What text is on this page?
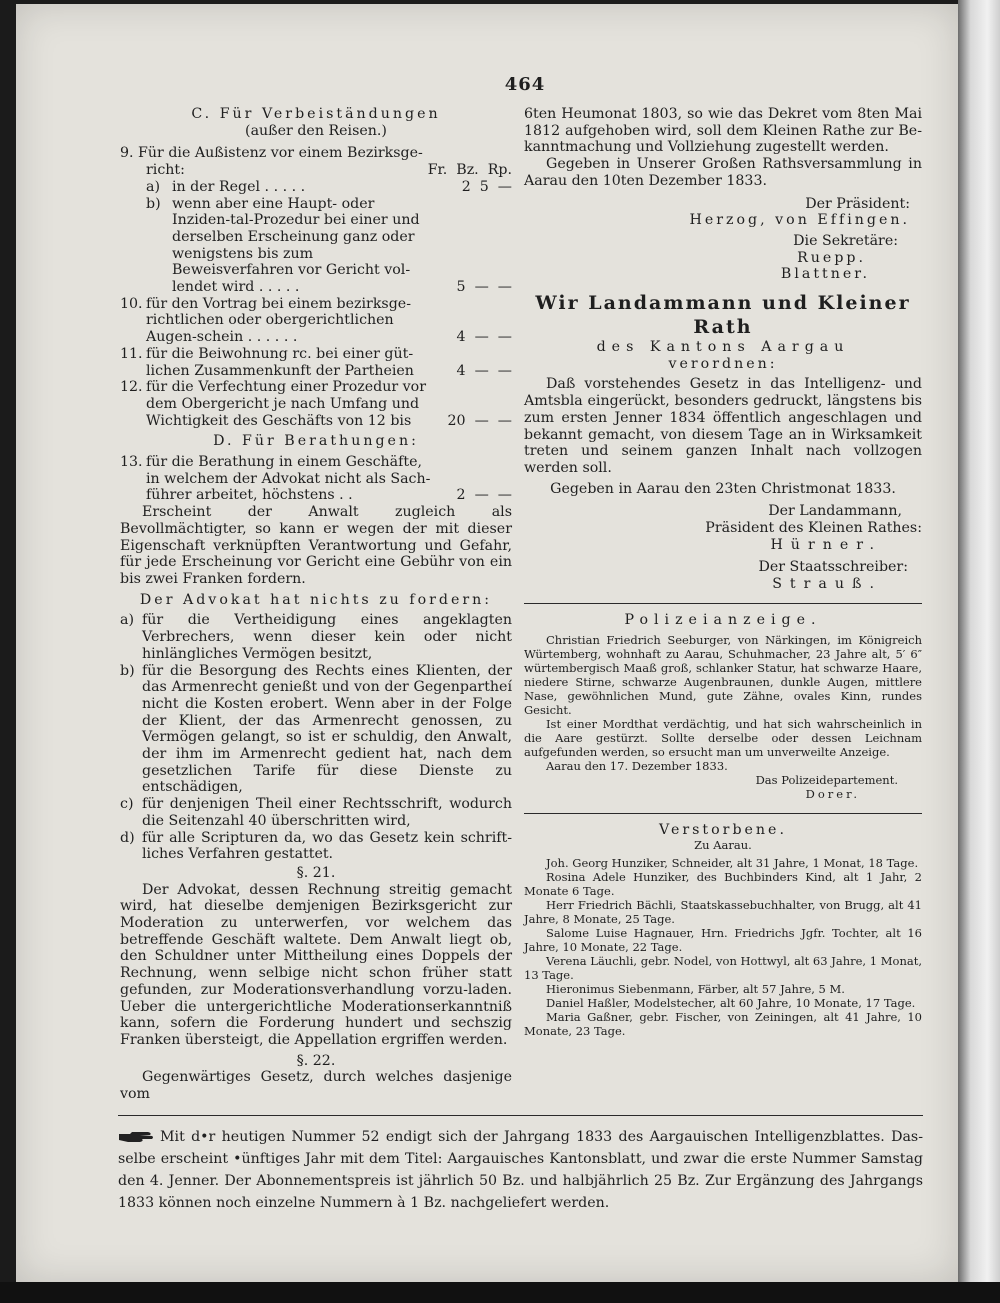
464

C. Für Verbeiständungen

(außer den Reisen.)

9. Für die Außistenz vor einem Bezirksge-

richt:	Fr.  Bz.  Rp.
a) in der Regel . . . . .	2  5  —
b) wenn aber eine Haupt- oder Inziden-tal-Prozedur bei einer und derselben Erscheinung ganz oder wenigstens bis zum Beweisverfahren vor Gericht vol-lendet wird . . . . .	5  —  —
10. für den Vortrag bei einem bezirksge-richtlichen oder obergerichtlichen Augen-schein . . . . . .	4  —  —
11. für die Beiwohnung rc. bei einer güt-lichen Zusammenkunft der Partheien	4  —  —
12. für die Verfechtung einer Prozedur vor dem Obergericht je nach Umfang und Wichtigkeit des Geschäfts von 12 bis	20  —  —

D. Für Berathungen:

13. für die Berathung in einem Geschäfte, in welchem der Advokat nicht als Sach-führer arbeitet, höchstens . .	2  —  —

Erscheint der Anwalt zugleich als Bevollmächtigter, so kann er wegen der mit dieser Eigenschaft verknüpften Verantwortung und Gefahr, für jede Erscheinung vor Gericht eine Gebühr von ein bis zwei Franken fordern.

Der Advokat hat nichts zu fordern:

a) für die Vertheidigung eines angeklagten Verbrechers, wenn dieser kein oder nicht hinlängliches Vermögen besitzt,
b) für die Besorgung des Rechts eines Klienten, der das Armenrecht genießt und von der Gegenpartheí nicht die Kosten erobert. Wenn aber in der Folge der Klient, der das Armenrecht genossen, zu Vermögen gelangt, so ist er schuldig, den Anwalt, der ihm im Armenrecht gedient hat, nach dem gesetzlichen Tarife für diese Dienste zu entschädigen,
c) für denjenigen Theil einer Rechtsschrift, wodurch die Seitenzahl 40 überschritten wird,
d) für alle Scripturen da, wo das Gesetz kein schrift-liches Verfahren gestattet.

§. 21.

Der Advokat, dessen Rechnung streitig gemacht wird, hat dieselbe demjenigen Bezirksgericht zur Moderation zu unterwerfen, vor welchem das betreffende Geschäft waltete. Dem Anwalt liegt ob, den Schuldner unter Mittheilung eines Doppels der Rechnung, wenn selbige nicht schon früher statt gefunden, zur Moderationsverhandlung vorzu-laden. Ueber die untergerichtliche Moderationserkanntniß kann, sofern die Forderung hundert und sechszig Franken übersteigt, die Appellation ergriffen werden.

§. 22.

Gegenwärtiges Gesetz, durch welches dasjenige vom

6ten Heumonat 1803, so wie das Dekret vom 8ten Mai 1812 aufgehoben wird, soll dem Kleinen Rathe zur Be-kanntmachung und Vollziehung zugestellt werden.

Gegeben in Unserer Großen Rathsversammlung in Aarau den 10ten Dezember 1833.

Der Präsident:

Herzog, von Effingen.

Die Sekretäre:

Ruepp.

Blattner.

Wir Landammann und Kleiner Rath

des Kantons Aargau

verordnen:

Daß vorstehendes Gesetz in das Intelligenz- und Amtsbla eingerückt, besonders gedruckt, längstens bis zum ersten Jenner 1834 öffentlich angeschlagen und bekannt gemacht, von diesem Tage an in Wirksamkeit treten und seinem ganzen Inhalt nach vollzogen werden soll.

Gegeben in Aarau den 23ten Christmonat 1833.

Der Landammann,

Präsident des Kleinen Rathes:

Hürner.

Der Staatsschreiber:

Strauß.

Polizeianzeige.

Christian Friedrich Seeburger, von Närkingen, im Königreich Würtemberg, wohnhaft zu Aarau, Schuhmacher, 23 Jahre alt, 5′ 6″ würtembergisch Maaß groß, schlanker Statur, hat schwarze Haare, niedere Stirne, schwarze Augenbraunen, dunkle Augen, mittlere Nase, gewöhnlichen Mund, gute Zähne, ovales Kinn, rundes Gesicht.

Ist einer Mordthat verdächtig, und hat sich wahrscheinlich in die Aare gestürzt. Sollte derselbe oder dessen Leichnam aufgefunden werden, so ersucht man um unverweilte Anzeige.

Aarau den 17. Dezember 1833.

Das Polizeidepartement.

Dorer.

Verstorbene.

Zu Aarau.

Joh. Georg Hunziker, Schneider, alt 31 Jahre, 1 Monat, 18 Tage.

Rosina Adele Hunziker, des Buchbinders Kind, alt 1 Jahr, 2 Monate 6 Tage.

Herr Friedrich Bächli, Staatskassebuchhalter, von Brugg, alt 41 Jahre, 8 Monate, 25 Tage.

Salome Luise Hagnauer, Hrn. Friedrichs Jgfr. Tochter, alt 16 Jahre, 10 Monate, 22 Tage.

Verena Läuchli, gebr. Nodel, von Hottwyl, alt 63 Jahre, 1 Monat, 13 Tage.

Hieronimus Siebenmann, Färber, alt 57 Jahre, 5 M.

Daniel Haßler, Modelstecher, alt 60 Jahre, 10 Monate, 17 Tage.

Maria Gaßner, gebr. Fischer, von Zeiningen, alt 41 Jahre, 10 Monate, 23 Tage.

Mit d•r heutigen Nummer 52 endigt sich der Jahrgang 1833 des Aargauischen Intelligenzblattes. Das-selbe erscheint •ünftiges Jahr mit dem Titel: Aargauisches Kantonsblatt, und zwar die erste Nummer Samstag den 4. Jenner. Der Abonnementspreis ist jährlich 50 Bz. und halbjährlich 25 Bz. Zur Ergänzung des Jahrgangs 1833 können noch einzelne Nummern à 1 Bz. nachgeliefert werden.
